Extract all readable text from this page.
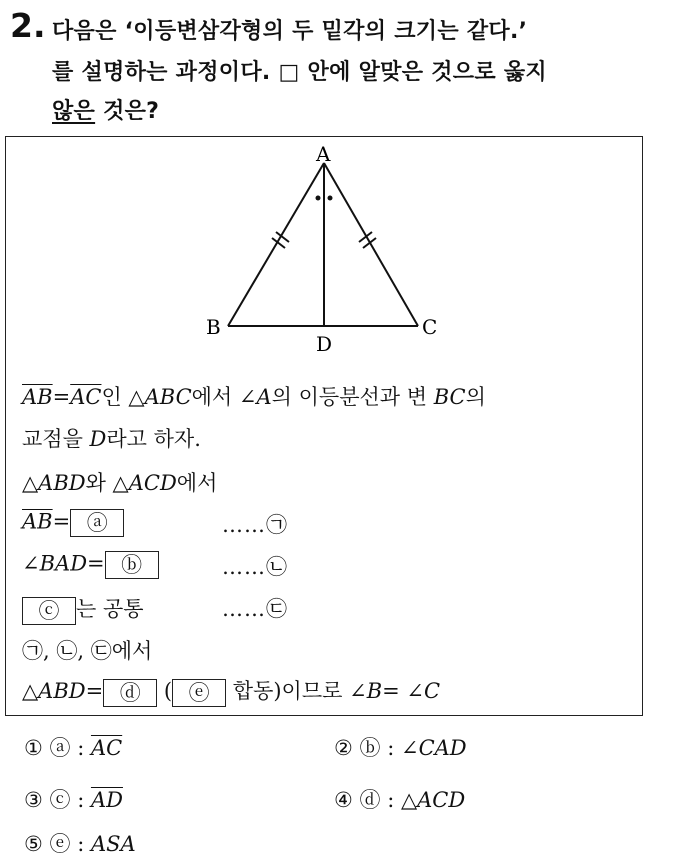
2. 다음은 ‘이등변삼각형의 두 밑각의 크기는 같다.’
를 설명하는 과정이다. □ 안에 알맞은 것으로 옳지
않은 것은?
A
B	C
D
$\overline{AB}=\overline{AC}$인 △ABC에서 ∠A의 이등분선과 변 BC의
교점을 D라고 하자.
△ABD와 △ACD에서
$\overline{AB}=$ ⓐ	……㉠
∠BAD= ⓑ	……㉡
ⓒ 는 공통	……㉢
㉠, ㉡, ㉢에서
△ABD= ⓓ ( ⓔ 합동)이므로 ∠B= ∠C
① ⓐ : $\overline{AC}$	② ⓑ : ∠CAD
③ ⓒ : $\overline{AD}$	④ ⓓ : △ACD
⑤ ⓔ : ASA
